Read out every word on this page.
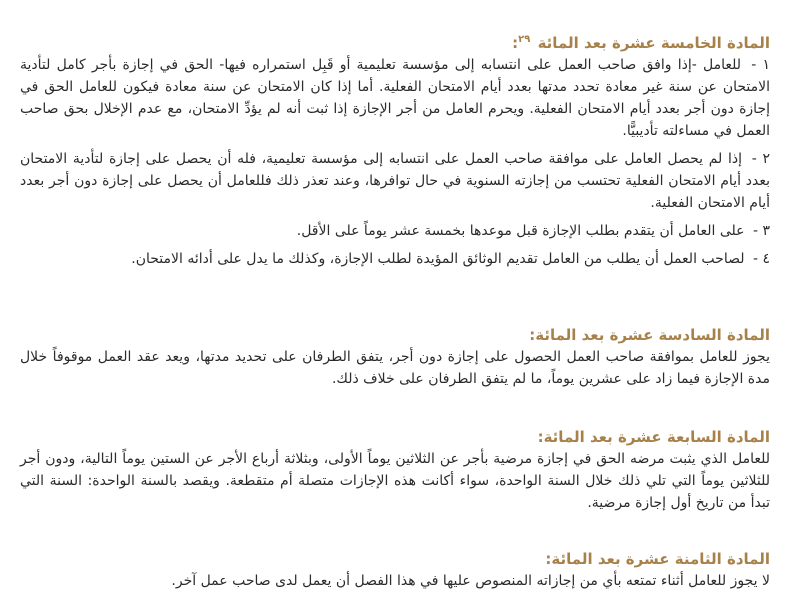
المادة الخامسة عشرة بعد المائة $^{٢٩}$:

١ - للعامل -إذا وافق صاحب العمل على انتسابه إلى مؤسسة تعليمية أو قَبِل استمراره فيها- الحق في إجازة بأجر كامل لتأدية الامتحان عن سنة غير معادة تحدد مدتها بعدد أيام الامتحان الفعلية. أما إذا كان الامتحان عن سنة معادة فيكون للعامل الحق في إجازة دون أجر بعدد أيام الامتحان الفعلية. ويحرم العامل من أجر الإجازة إذا ثبت أنه لم يؤدِّ الامتحان، مع عدم الإخلال بحق صاحب العمل في مساءلته تأديبيًّا.

٢ - إذا لم يحصل العامل على موافقة صاحب العمل على انتسابه إلى مؤسسة تعليمية، فله أن يحصل على إجازة لتأدية الامتحان بعدد أيام الامتحان الفعلية تحتسب من إجازته السنوية في حال توافرها، وعند تعذر ذلك فللعامل أن يحصل على إجازة دون أجر بعدد أيام الامتحان الفعلية.

٣ - على العامل أن يتقدم بطلب الإجازة قبل موعدها بخمسة عشر يوماً على الأقل.

٤ - لصاحب العمل أن يطلب من العامل تقديم الوثائق المؤيدة لطلب الإجازة، وكذلك ما يدل على أدائه الامتحان.

المادة السادسة عشرة بعد المائة:

يجوز للعامل بموافقة صاحب العمل الحصول على إجازة دون أجر، يتفق الطرفان على تحديد مدتها، ويعد عقد العمل موقوفاً خلال مدة الإجازة فيما زاد على عشرين يوماً، ما لم يتفق الطرفان على خلاف ذلك.

المادة السابعة عشرة بعد المائة:

للعامل الذي يثبت مرضه الحق في إجازة مرضية بأجر عن الثلاثين يوماً الأولى، وبثلاثة أرباع الأجر عن الستين يوماً التالية، ودون أجر للثلاثين يوماً التي تلي ذلك خلال السنة الواحدة، سواء أكانت هذه الإجازات متصلة أم متقطعة. ويقصد بالسنة الواحدة: السنة التي تبدأ من تاريخ أول إجازة مرضية.

المادة الثامنة عشرة بعد المائة:

لا يجوز للعامل أثناء تمتعه بأي من إجازاته المنصوص عليها في هذا الفصل أن يعمل لدى صاحب عمل آخر.
